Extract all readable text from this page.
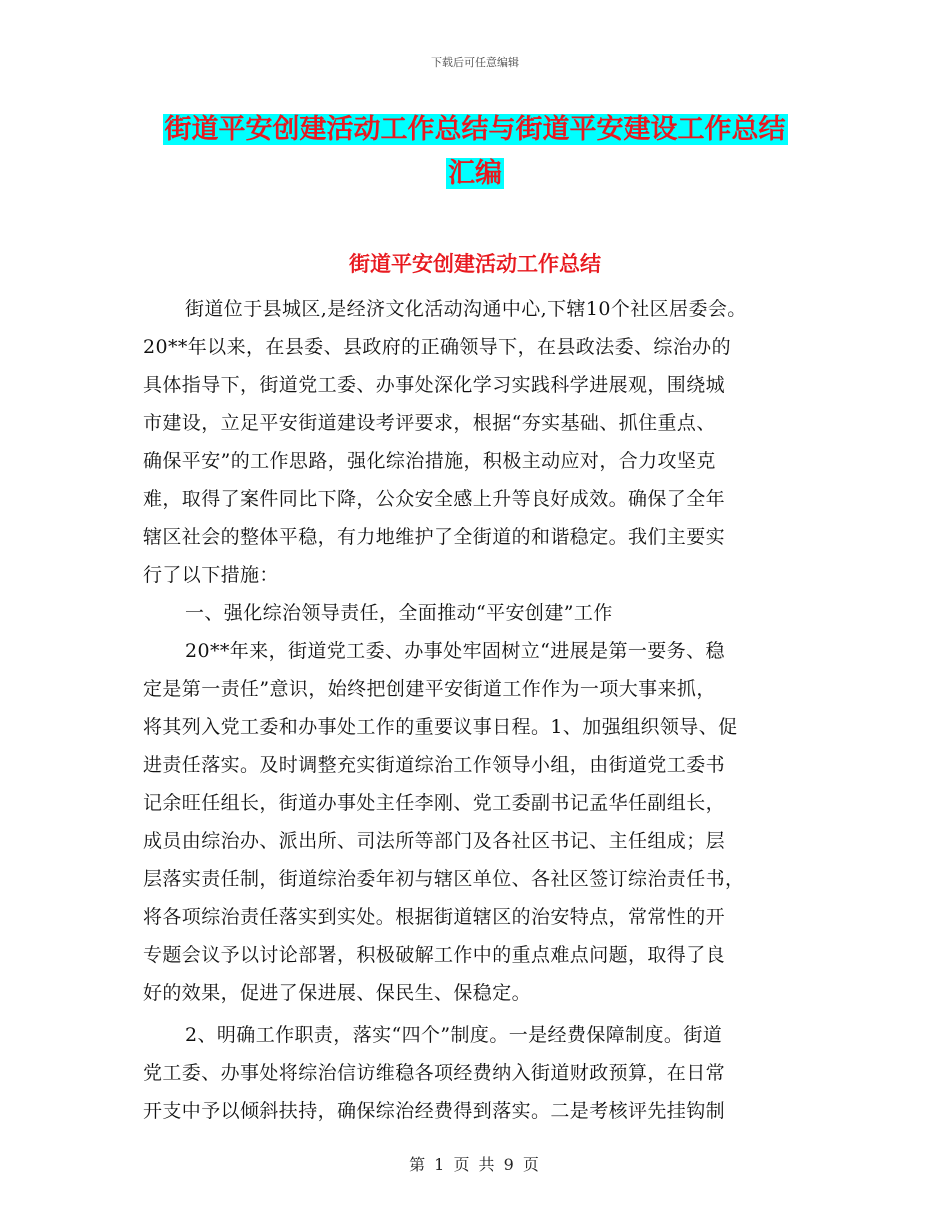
下载后可任意编辑
街道平安创建活动工作总结与街道平安建设工作总结
汇编
街道平安创建活动工作总结
街道位于县城区,是经济文化活动沟通中心,下辖10个社区居委会。
20**年以来，在县委、县政府的正确领导下，在县政法委、综治办的
具体指导下，街道党工委、办事处深化学习实践科学进展观，围绕城
市建设，立足平安街道建设考评要求，根据“夯实基础、抓住重点、
确保平安”的工作思路，强化综治措施，积极主动应对，合力攻坚克
难，取得了案件同比下降，公众安全感上升等良好成效。确保了全年
辖区社会的整体平稳，有力地维护了全街道的和谐稳定。我们主要实
行了以下措施：
一、强化综治领导责任，全面推动“平安创建”工作
20**年来，街道党工委、办事处牢固树立“进展是第一要务、稳
定是第一责任”意识，始终把创建平安街道工作作为一项大事来抓，
将其列入党工委和办事处工作的重要议事日程。1、加强组织领导、促
进责任落实。及时调整充实街道综治工作领导小组，由街道党工委书
记余旺任组长，街道办事处主任李刚、党工委副书记孟华任副组长，
成员由综治办、派出所、司法所等部门及各社区书记、主任组成；层
层落实责任制，街道综治委年初与辖区单位、各社区签订综治责任书，
将各项综治责任落实到实处。根据街道辖区的治安特点，常常性的开
专题会议予以讨论部署，积极破解工作中的重点难点问题，取得了良
好的效果，促进了保进展、保民生、保稳定。
2、明确工作职责，落实“四个”制度。一是经费保障制度。街道
党工委、办事处将综治信访维稳各项经费纳入街道财政预算，在日常
开支中予以倾斜扶持，确保综治经费得到落实。二是考核评先挂钩制
第 1 页 共 9 页
